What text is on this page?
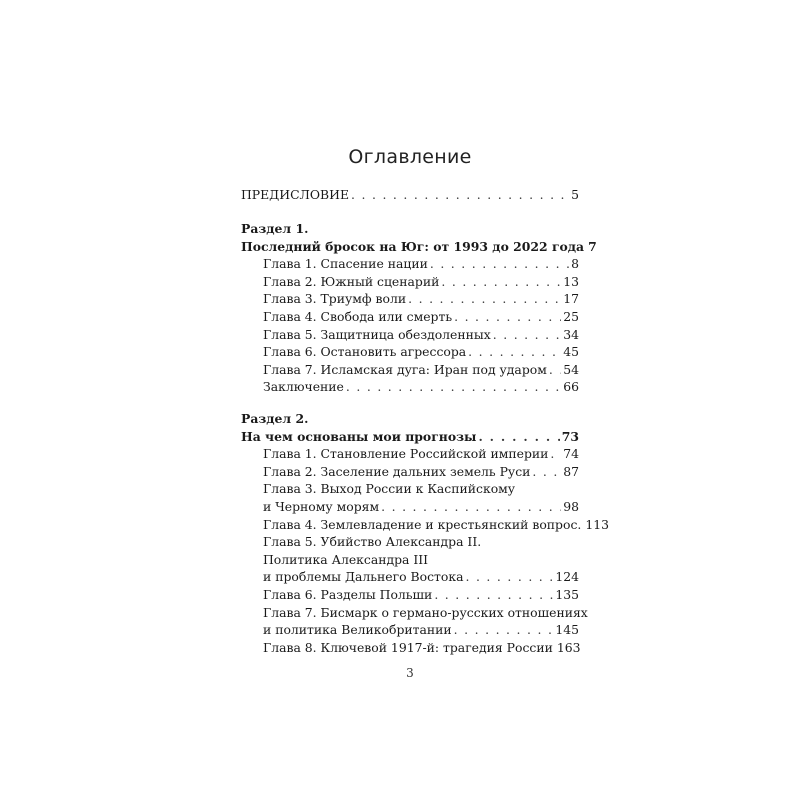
Оглавление
ПРЕДИСЛОВИЕ . . .	5
Раздел 1.
Последний бросок на Юг: от 1993 до 2022 года 7
Глава 1. Спасение нации . . .	8
Глава 2. Южный сценарий . . .	13
Глава 3. Триумф воли . . .	17
Глава 4. Свобода или смерть . . .	25
Глава 5. Защитница обездоленных . . .	34
Глава 6. Остановить агрессора . . .	45
Глава 7. Исламская дуга: Иран под ударом . . . 54
Заключение . . .	66
Раздел 2.
На чем основаны мои прогнозы . . .	73
Глава 1. Становление Российской империи . . . 74
Глава 2. Заселение дальних земель Руси . . .	87
Глава 3. Выход России к Каспийскому
и Черному морям . . .	98
Глава 4. Землевладение и крестьянский вопрос. 113
Глава 5. Убийство Александра II.
Политика Александра III
и проблемы Дальнего Востока . . .	124
Глава 6. Разделы Польши . . .	135
Глава 7. Бисмарк о германо-русских отношениях
и политика Великобритании . . .	145
Глава 8. Ключевой 1917-й: трагедия России 163
3
